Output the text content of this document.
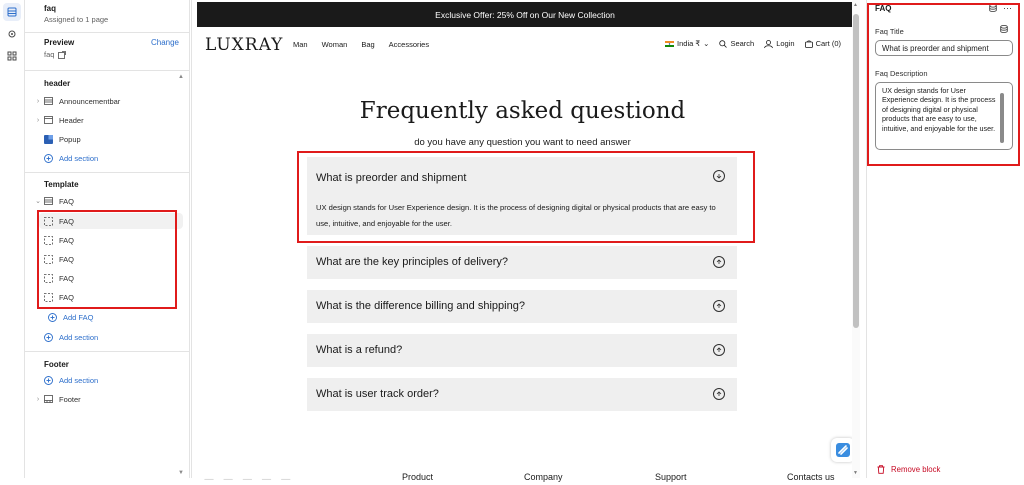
faq
Assigned to 1 page
Preview	Change
faq
header
▲
›	Announcementbar
›	Header
Popup
Add section
Template
⌄ FAQ
FAQ
FAQ
FAQ
FAQ
FAQ
Add FAQ
Add section
Footer
Add section
›	Footer
▼
Exclusive Offer: 25% Off on Our New Collection
LUXRAY Man Woman Bag Accessories	India ₹ ⌄	Search	Login	Cart (0)
Frequently asked questiond
do you have any question you want to need answer
What is preorder and shipment
UX design stands for User Experience design. It is the process of designing digital or physical products that are easy to use, intuitive, and enjoyable for the user.
What are the key principles of delivery?
What is the difference billing and shipping?
What is a refund?
What is user track order?
— — — — —	Product	Company	Support	Contacts us
▲
▼
FAQ	···
Faq Title
What is preorder and shipment
Faq Description
UX design stands for User Experience design. It is the process of designing digital or physical products that are easy to use, intuitive, and enjoyable for the user.
Remove block
